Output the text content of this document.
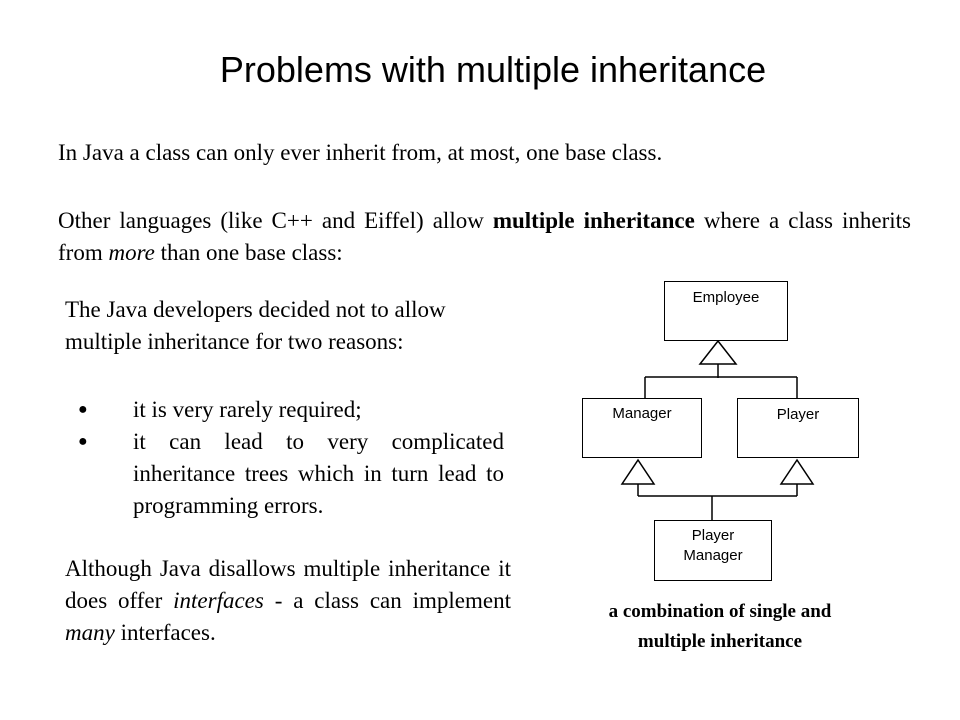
Problems with multiple inheritance

In Java a class can only ever inherit from, at most, one base class.

Other languages (like C++ and Eiffel) allow multiple inheritance where a class inherits from more than one base class:

The Java developers decided not to allow multiple inheritance for two reasons:

●	it is very rarely required;
●	it can lead to very complicated inheritance trees which in turn lead to programming errors.

Although Java disallows multiple inheritance it does offer interfaces - a class can implement many interfaces.

Employee
Manager	Player
Player
Manager
a combination of single and
multiple inheritance
